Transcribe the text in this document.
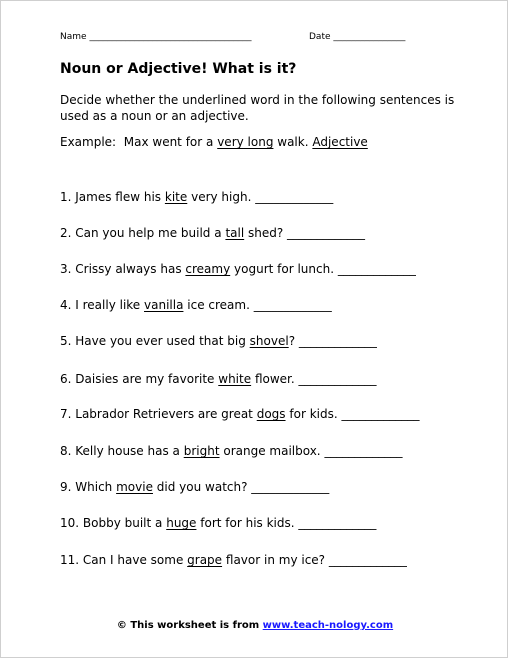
Name ____________________________________	Date ________________
Noun or Adjective! What is it?
Decide whether the underlined word in the following sentences is used as a noun or an adjective.
Example: Max went for a very long walk. Adjective
1. James flew his kite very high. _____________
2. Can you help me build a tall shed? _____________
3. Crissy always has creamy yogurt for lunch. _____________
4. I really like vanilla ice cream. _____________
5. Have you ever used that big shovel? _____________
6. Daisies are my favorite white flower. _____________
7. Labrador Retrievers are great dogs for kids. _____________
8. Kelly house has a bright orange mailbox. _____________
9. Which movie did you watch? _____________
10. Bobby built a huge fort for his kids. _____________
11. Can I have some grape flavor in my ice? _____________
© This worksheet is from www.teach-nology.com
